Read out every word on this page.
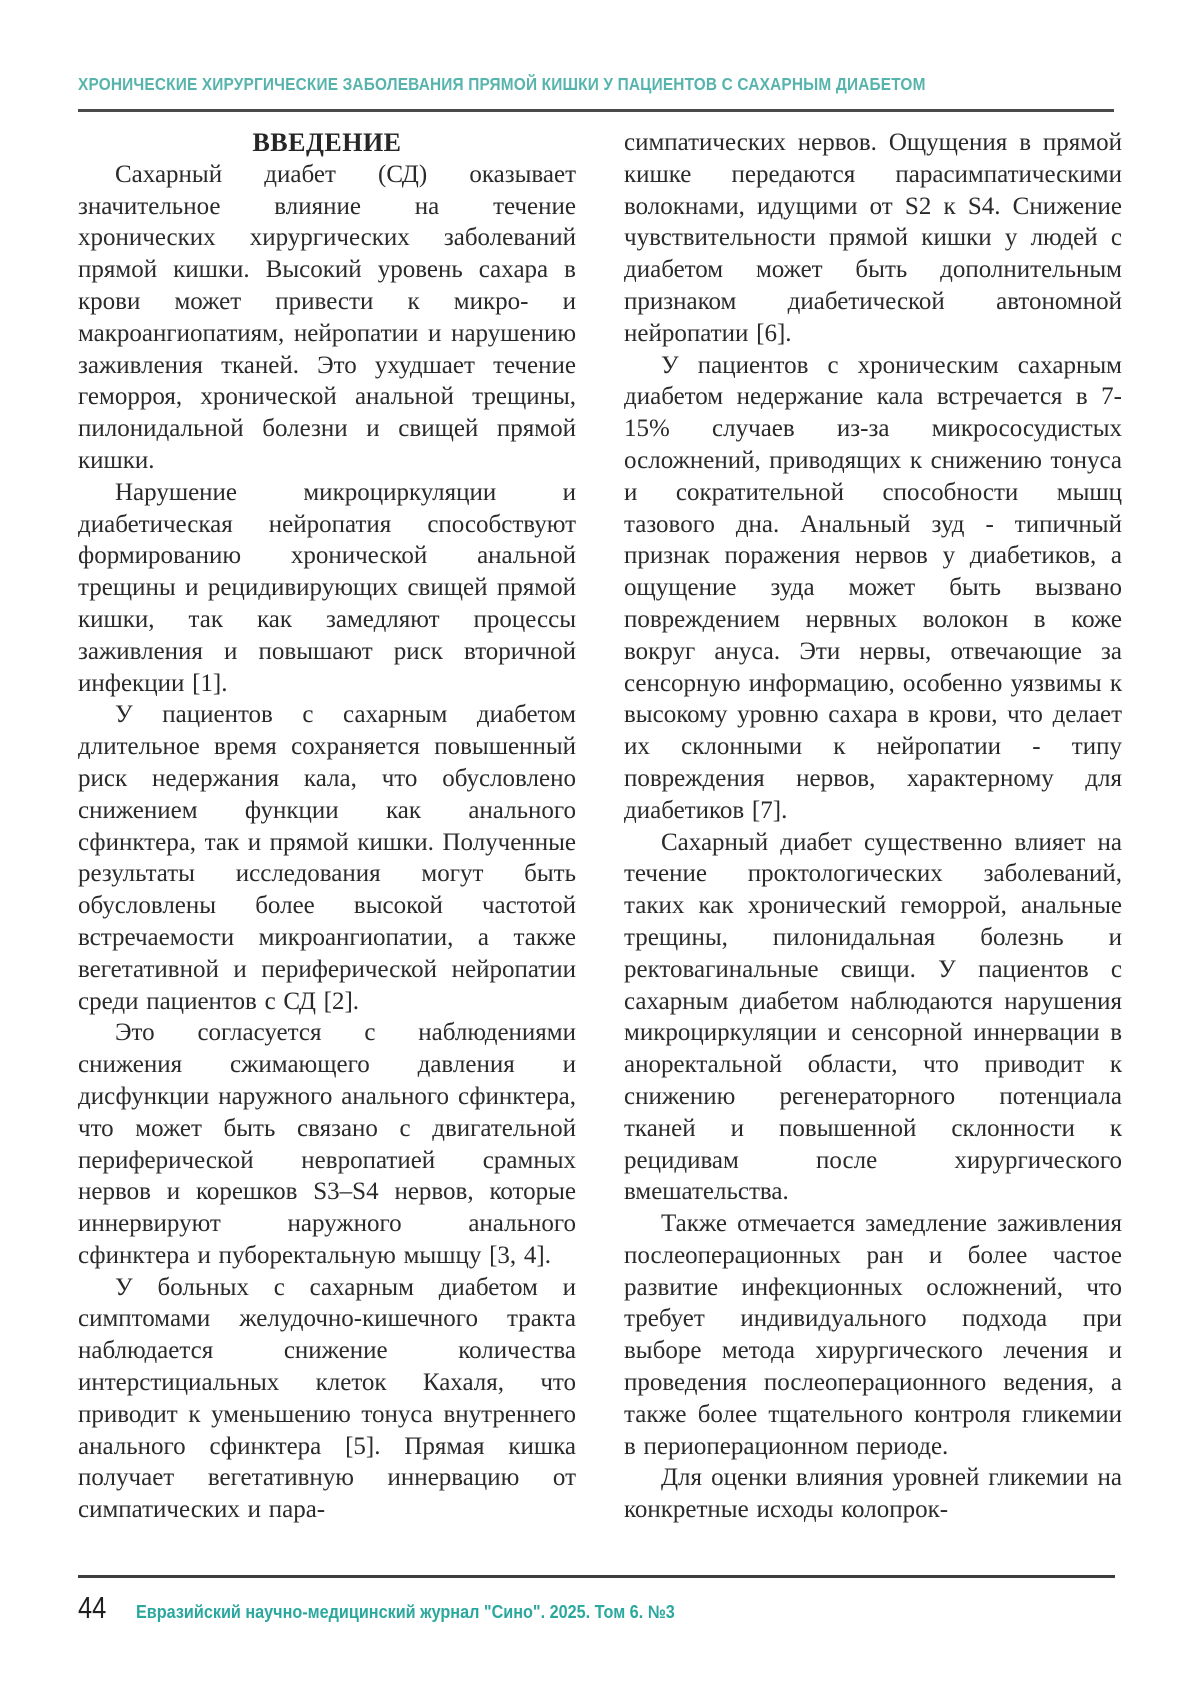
ХРОНИЧЕСКИЕ ХИРУРГИЧЕСКИЕ ЗАБОЛЕВАНИЯ ПРЯМОЙ КИШКИ У ПАЦИЕНТОВ С САХАРНЫМ ДИАБЕТОМ
ВВЕДЕНИЕ

Сахарный диабет (СД) оказывает значительное влияние на течение хронических хирургических заболеваний прямой кишки. Высокий уровень сахара в крови может привести к микро- и макроангиопатиям, нейропатии и нарушению заживления тканей. Это ухудшает течение геморроя, хронической анальной трещины, пилонидальной болезни и свищей прямой кишки.

Нарушение микроциркуляции и диабетическая нейропатия способствуют формированию хронической анальной трещины и рецидивирующих свищей прямой кишки, так как замедляют процессы заживления и повышают риск вторичной инфекции [1].

У пациентов с сахарным диабетом длительное время сохраняется повышенный риск недержания кала, что обусловлено снижением функции как анального сфинктера, так и прямой кишки. Полученные результаты исследования могут быть обусловлены более высокой частотой встречаемости микроангиопатии, а также вегетативной и периферической нейропатии среди пациентов с СД [2].

Это согласуется с наблюдениями снижения сжимающего давления и дисфункции наружного анального сфинктера, что может быть связано с двигательной периферической невропатией срамных нервов и корешков S3–S4 нервов, которые иннервируют наружного анального сфинктера и пуборектальную мышцу [3, 4].

У больных с сахарным диабетом и симптомами желудочно-кишечного тракта наблюдается снижение количества интерстициальных клеток Кахаля, что приводит к уменьшению тонуса внутреннего анального сфинктера [5]. Прямая кишка получает вегетативную иннервацию от симпатических и пара-

симпатических нервов. Ощущения в прямой кишке передаются парасимпатическими волокнами, идущими от S2 к S4. Снижение чувствительности прямой кишки у людей с диабетом может быть дополнительным признаком диабетической автономной нейропатии [6].

У пациентов с хроническим сахарным диабетом недержание кала встречается в 7-15% случаев из-за микрососудистых осложнений, приводящих к снижению тонуса и сократительной способности мышц тазового дна. Анальный зуд - типичный признак поражения нервов у диабетиков, а ощущение зуда может быть вызвано повреждением нервных волокон в коже вокруг ануса. Эти нервы, отвечающие за сенсорную информацию, особенно уязвимы к высокому уровню сахара в крови, что делает их склонными к нейропатии - типу повреждения нервов, характерному для диабетиков [7].

Сахарный диабет существенно влияет на течение проктологических заболеваний, таких как хронический геморрой, анальные трещины, пилонидальная болезнь и ректовагинальные свищи. У пациентов с сахарным диабетом наблюдаются нарушения микроциркуляции и сенсорной иннервации в аноректальной области, что приводит к снижению регенераторного потенциала тканей и повышенной склонности к рецидивам после хирургического вмешательства.

Также отмечается замедление заживления послеоперационных ран и более частое развитие инфекционных осложнений, что требует индивидуального подхода при выборе метода хирургического лечения и проведения послеоперационного ведения, а также более тщательного контроля гликемии в периоперационном периоде.

Для оценки влияния уровней гликемии на конкретные исходы колопрок-

44 Евразийский научно-медицинский журнал "Сино". 2025. Том 6. №3
